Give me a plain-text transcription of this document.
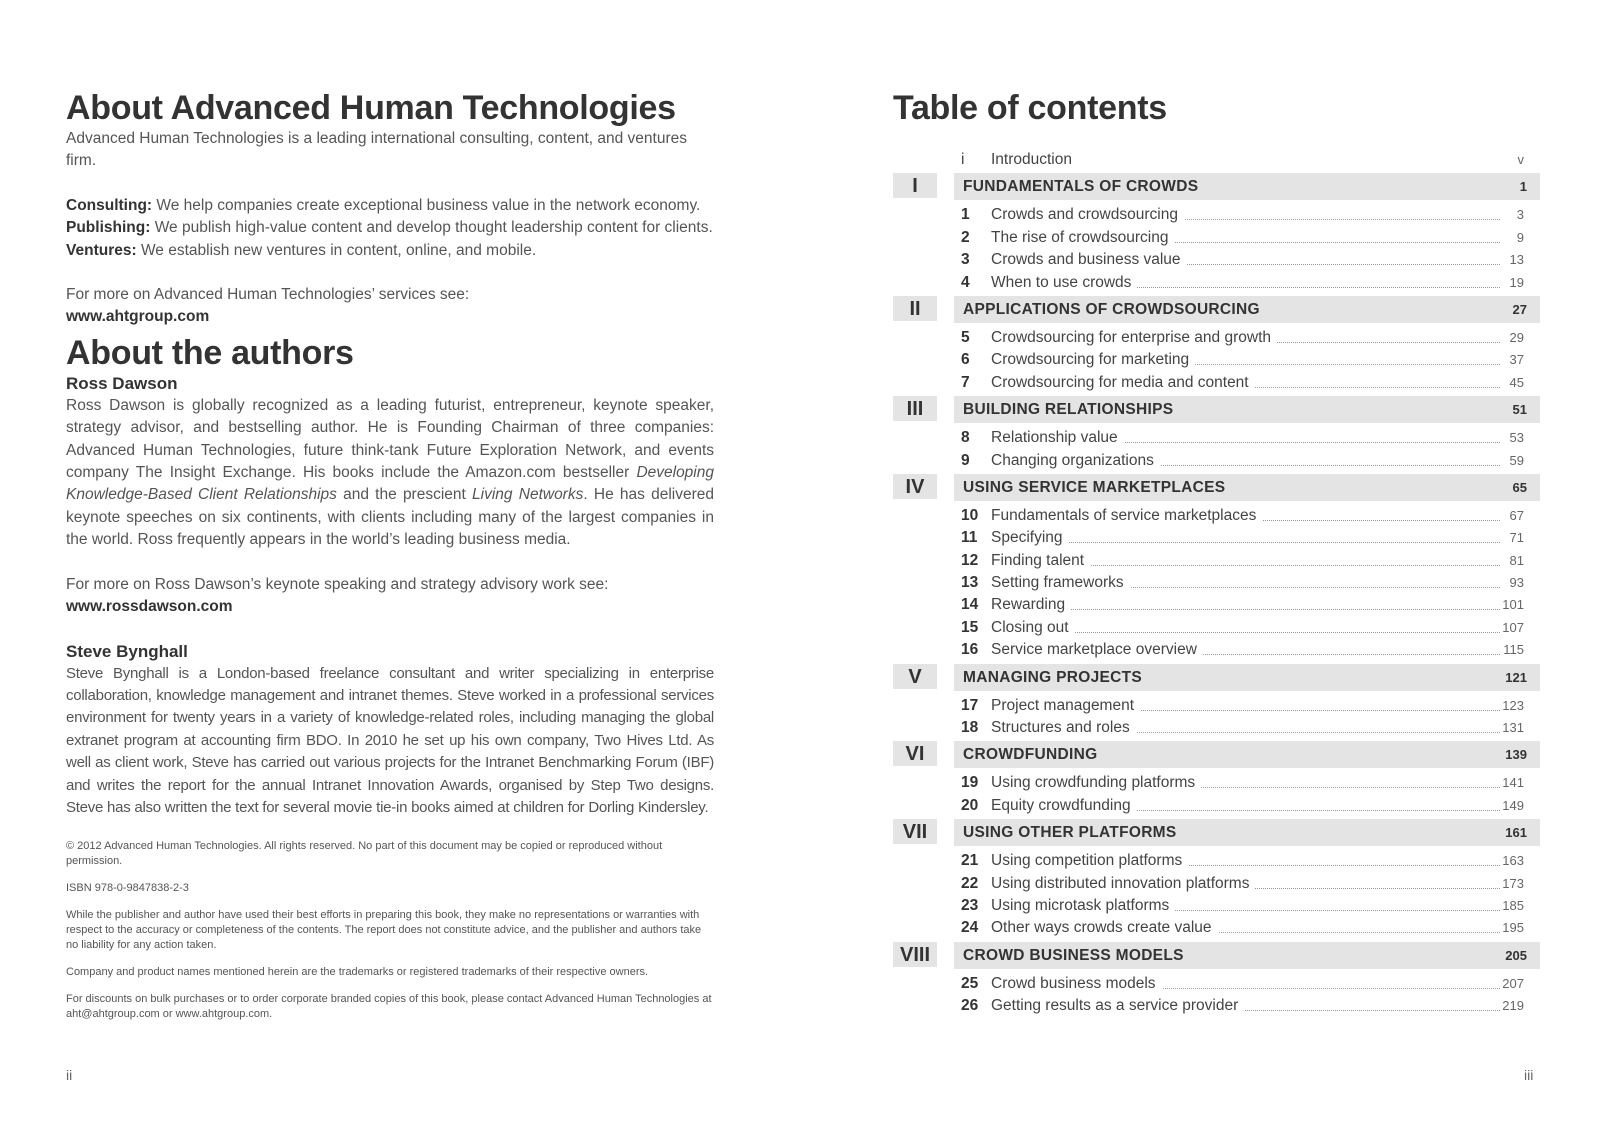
About Advanced Human Technologies

Advanced Human Technologies is a leading international consulting, content, and ventures firm.

Consulting: We help companies create exceptional business value in the network economy.

Publishing: We publish high-value content and develop thought leadership content for clients.

Ventures: We establish new ventures in content, online, and mobile.

For more on Advanced Human Technologies’ services see:

www.ahtgroup.com

About the authors

Ross Dawson

Ross Dawson is globally recognized as a leading futurist, entrepreneur, keynote speaker, strategy advisor, and bestselling author. He is Founding Chairman of three companies: Advanced Human Technologies, future think-tank Future Exploration Network, and events company The Insight Exchange. His books include the Amazon.com bestseller Developing Knowledge-Based Client Relationships and the prescient Living Networks. He has delivered keynote speeches on six continents, with clients including many of the largest companies in the world. Ross frequently appears in the world’s leading business media.

For more on Ross Dawson’s keynote speaking and strategy advisory work see:

www.rossdawson.com

Steve Bynghall

Steve Bynghall is a London-based freelance consultant and writer specializing in enterprise collaboration, knowledge management and intranet themes. Steve worked in a professional services environment for twenty years in a variety of knowledge-related roles, including managing the global extranet program at accounting firm BDO. In 2010 he set up his own company, Two Hives Ltd. As well as client work, Steve has carried out various projects for the Intranet Benchmarking Forum (IBF) and writes the report for the annual Intranet Innovation Awards, organised by Step Two designs. Steve has also written the text for several movie tie-in books aimed at children for Dorling Kindersley.

© 2012 Advanced Human Technologies. All rights reserved. No part of this document may be copied or reproduced without permission.

ISBN 978-0-9847838-2-3

While the publisher and author have used their best efforts in preparing this book, they make no representations or warranties with respect to the accuracy or completeness of the contents. The report does not constitute advice, and the publisher and authors take no liability for any action taken.

Company and product names mentioned herein are the trademarks or registered trademarks of their respective owners.

For discounts on bulk purchases or to order corporate branded copies of this book, please contact Advanced Human Technologies at aht@ahtgroup.com or www.ahtgroup.com.

ii
Table of contents
i	Introduction	v
I	FUNDAMENTALS OF CROWDS	1
1	Crowds and crowdsourcing	3
2	The rise of crowdsourcing	9
3	Crowds and business value	13
4	When to use crowds	19
II	APPLICATIONS OF CROWDSOURCING	27
5	Crowdsourcing for enterprise and growth	29
6	Crowdsourcing for marketing	37
7	Crowdsourcing for media and content	45
III	BUILDING RELATIONSHIPS	51
8	Relationship value	53
9	Changing organizations	59
IV	USING SERVICE MARKETPLACES	65
10 Fundamentals of service marketplaces	67
11 Specifying	71
12 Finding talent	81
13 Setting frameworks	93
14 Rewarding	101
15 Closing out	107
16 Service marketplace overview	115
V	MANAGING PROJECTS	121
17 Project management	123
18 Structures and roles	131
VI	CROWDFUNDING	139
19 Using crowdfunding platforms	141
20 Equity crowdfunding	149
VII	USING OTHER PLATFORMS	161
21 Using competition platforms	163
22 Using distributed innovation platforms	173
23 Using microtask platforms	185
24 Other ways crowds create value	195
VIII	CROWD BUSINESS MODELS	205
25 Crowd business models	207
26 Getting results as a service provider	219
iii
